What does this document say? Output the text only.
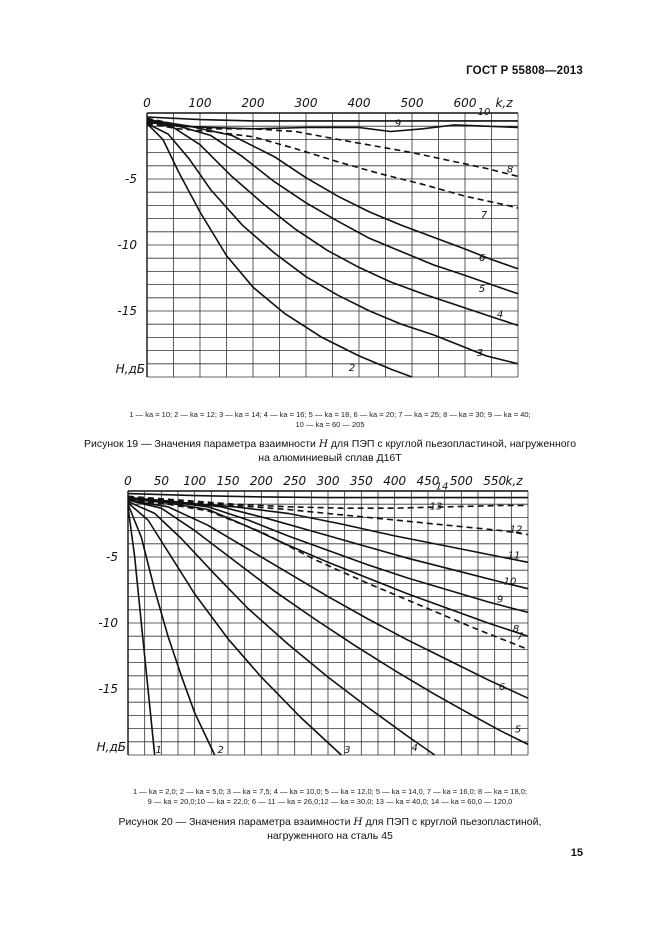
ГОСТ Р 55808—2013
0	100	200	300	400	500	600 k,z
-5
-10
-15
H,дБ	2
3
4
5
6
7
8
9
10
1 — ka = 10; 2 — ka = 12; 3 — ka = 14; 4 — ka = 16; 5 — ka = 18, 6 — ka = 20; 7 — ka = 25; 8 — ka = 30; 9 — ka = 40;
10 — ka = 60 — 205
Рисунок 19 — Значения параметра взаимности H для ПЭП с круглой пьезопластиной, нагруженного
на алюминиевый сплав Д16Т
0 50 100 150 200 250 300 350 400 450 500 550 k,z
-5
-10
-15
H,дБ	1	2	3	4
5
6
7
8
9
10
11
12
13
14
1 — ka = 2,0; 2 — ka = 5,0; 3 — ka = 7,5; 4 — ka = 10,0; 5 — ka = 12,0; 5 — ka = 14,0, 7 — ka = 16,0; 8 — ka = 18,0;
9 — ka = 20,0;10 — ka = 22,0; 6 — 11 — ka = 26,0;12 — ka = 30,0; 13 — ka = 40,0; 14 — ka = 60,0 — 120,0
Рисунок 20 — Значения параметра взаимности H для ПЭП с круглой пьезопластиной,
нагруженного на сталь 45
15
